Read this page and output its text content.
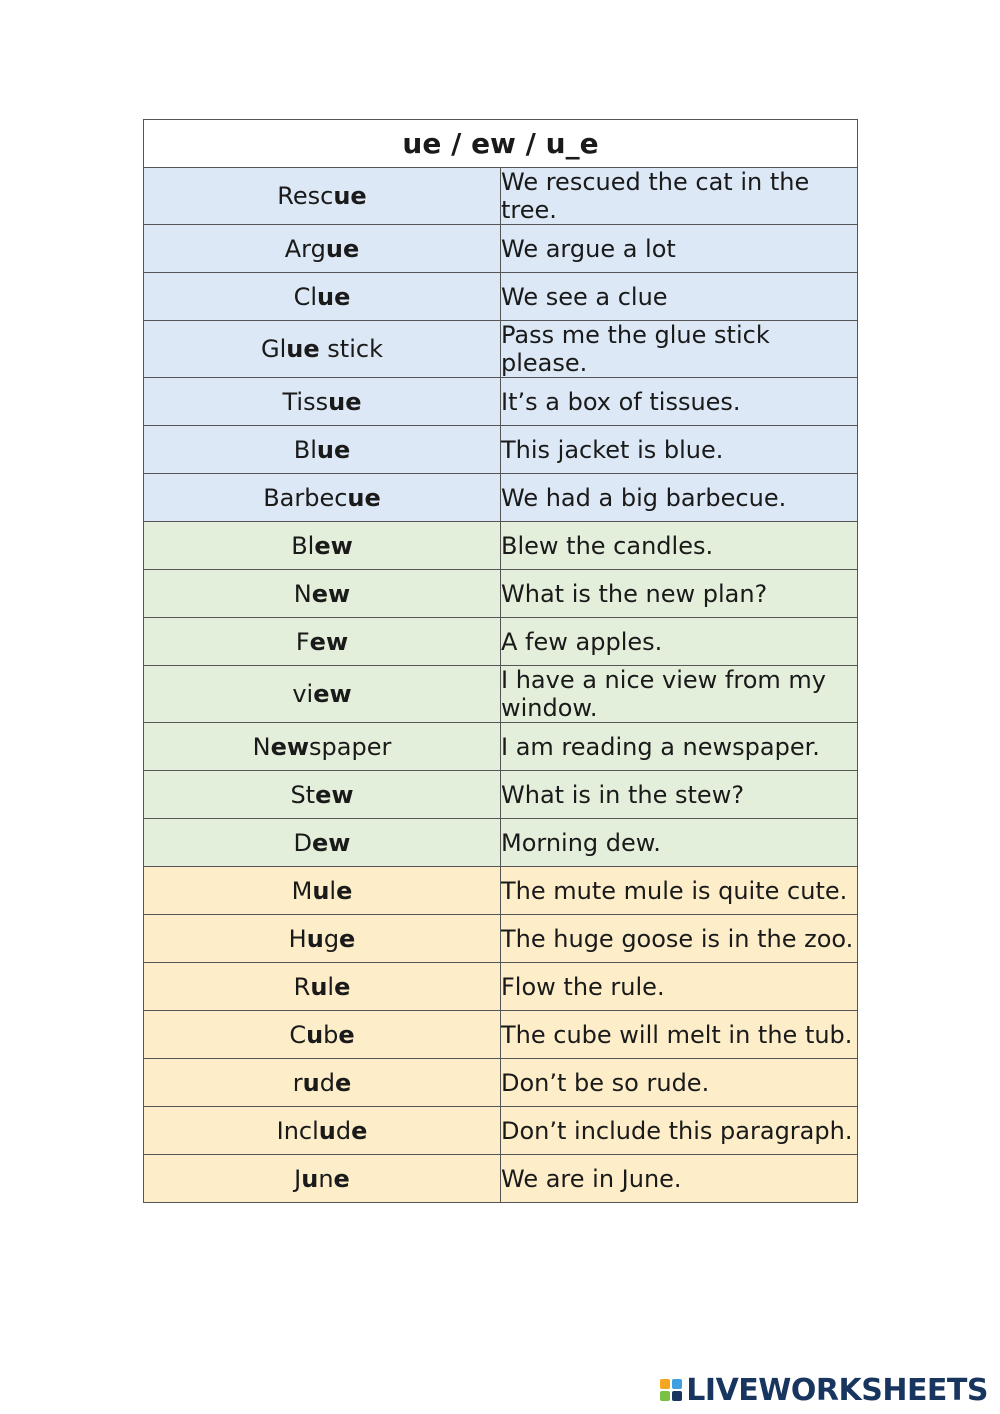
ue / ew / u_e	
Rescue	We rescued the cat in the tree.
Argue	We argue a lot
Clue	We see a clue
Glue stick	Pass me the glue stick please.
Tissue	It’s a box of tissues.
Blue	This jacket is blue.
Barbecue	We had a big barbecue.
Blew	Blew the candles.
New	What is the new plan?
Few	A few apples.
view	I have a nice view from my window.
Newspaper	I am reading a newspaper.
Stew	What is in the stew?
Dew	Morning dew.
Mule	The mute mule is quite cute.
Huge	The huge goose is in the zoo.
Rule	Flow the rule.
Cube	The cube will melt in the tub.
rude	Don’t be so rude.
Include	Don’t include this paragraph.
June	We are in June.
LIVEWORKSHEETS
